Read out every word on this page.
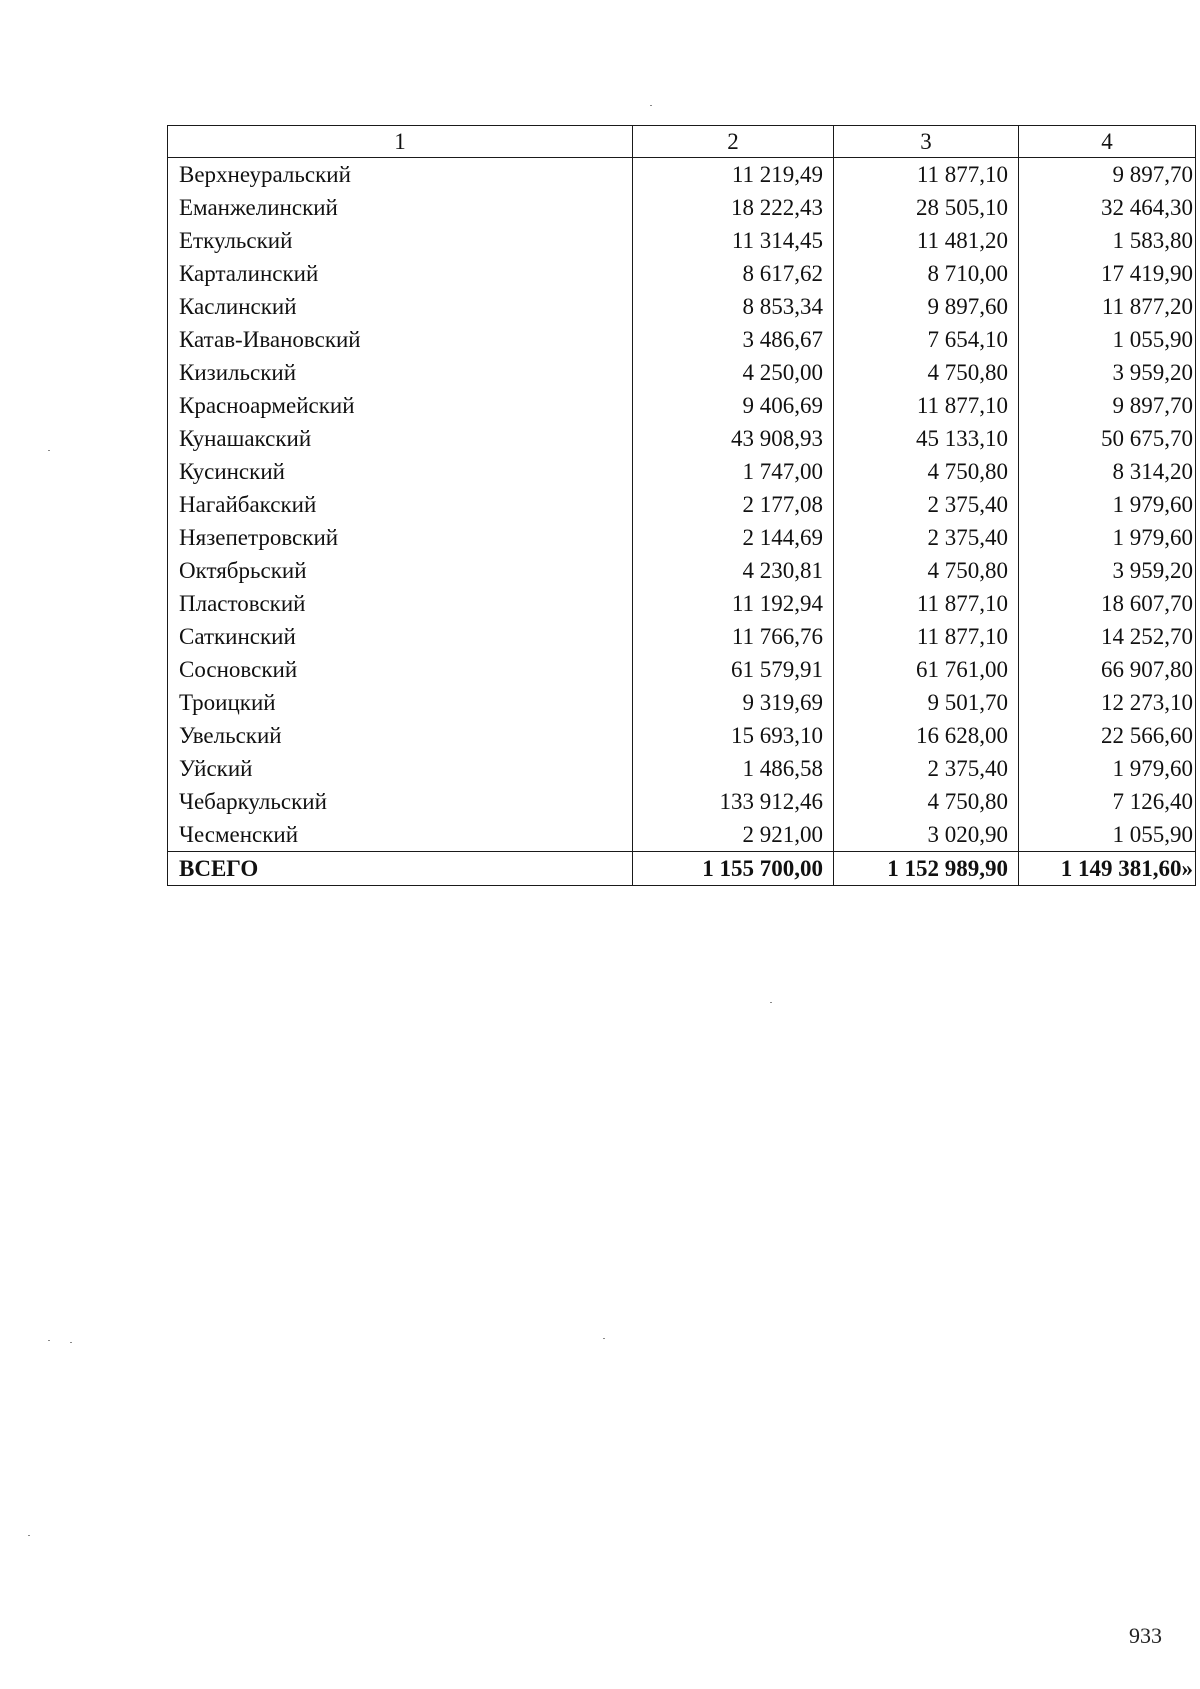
1	2	3	4
Верхнеуральский	11 219,49	11 877,10	9 897,70
Еманжелинский	18 222,43	28 505,10	32 464,30
Еткульский	11 314,45	11 481,20	1 583,80
Карталинский	8 617,62	8 710,00	17 419,90
Каслинский	8 853,34	9 897,60	11 877,20
Катав-Ивановский	3 486,67	7 654,10	1 055,90
Кизильский	4 250,00	4 750,80	3 959,20
Красноармейский	9 406,69	11 877,10	9 897,70
Кунашакский	43 908,93	45 133,10	50 675,70
Кусинский	1 747,00	4 750,80	8 314,20
Нагайбакский	2 177,08	2 375,40	1 979,60
Нязепетровский	2 144,69	2 375,40	1 979,60
Октябрьский	4 230,81	4 750,80	3 959,20
Пластовский	11 192,94	11 877,10	18 607,70
Саткинский	11 766,76	11 877,10	14 252,70
Сосновский	61 579,91	61 761,00	66 907,80
Троицкий	9 319,69	9 501,70	12 273,10
Увельский	15 693,10	16 628,00	22 566,60
Уйский	1 486,58	2 375,40	1 979,60
Чебаркульский	133 912,46	4 750,80	7 126,40
Чесменский	2 921,00	3 020,90	1 055,90
ВСЕГО	1 155 700,00	1 152 989,90	1 149 381,60»
933
